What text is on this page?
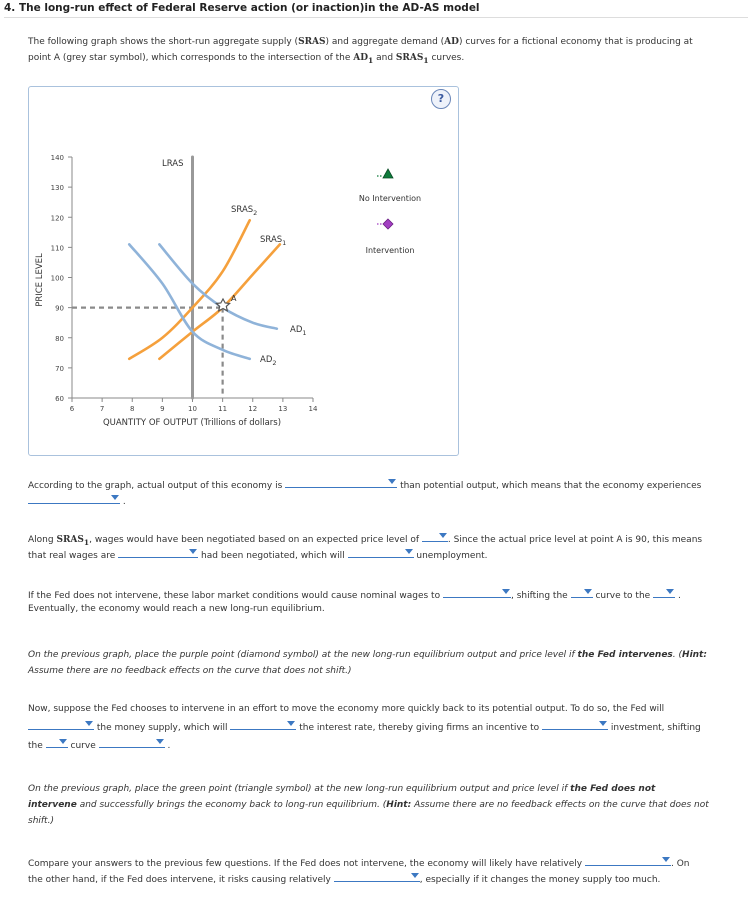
4. The long-run effect of Federal Reserve action (or inaction)in the AD-AS model
The following graph shows the short-run aggregate supply (SRAS) and aggregate demand (AD) curves for a fictional economy that is producing at
point A (grey star symbol), which corresponds to the intersection of the $AD_1$ and $SRAS_1$ curves.
?
PRICE LEVEL
140
130
120
110
100
90
80
70
60
6	7	8	9	10	11	12	13	14
QUANTITY OF OUTPUT (Trillions of dollars)
LRAS
$SRAS_2$
$SRAS_1$
$AD_1$
$AD_2$
A
No Intervention
Intervention
According to the graph, actual output of this economy is	than potential output, which means that the economy experiences
.
Along $SRAS_1$, wages would have been negotiated based on an expected price level of	. Since the actual price level at point A is 90, this means
that real wages are	had been negotiated, which will	unemployment.
If the Fed does not intervene, these labor market conditions would cause nominal wages to	, shifting the	curve to the	.
Eventually, the economy would reach a new long-run equilibrium.
On the previous graph, place the purple point (diamond symbol) at the new long-run equilibrium output and price level if the Fed intervenes. (Hint:
Assume there are no feedback effects on the curve that does not shift.)
Now, suppose the Fed chooses to intervene in an effort to move the economy more quickly back to its potential output. To do so, the Fed will
the money supply, which will	the interest rate, thereby giving firms an incentive to	investment, shifting
the	curve	.
On the previous graph, place the green point (triangle symbol) at the new long-run equilibrium output and price level if the Fed does not
intervene and successfully brings the economy back to long-run equilibrium. (Hint: Assume there are no feedback effects on the curve that does not
shift.)
Compare your answers to the previous few questions. If the Fed does not intervene, the economy will likely have relatively	. On
the other hand, if the Fed does intervene, it risks causing relatively	, especially if it changes the money supply too much.
